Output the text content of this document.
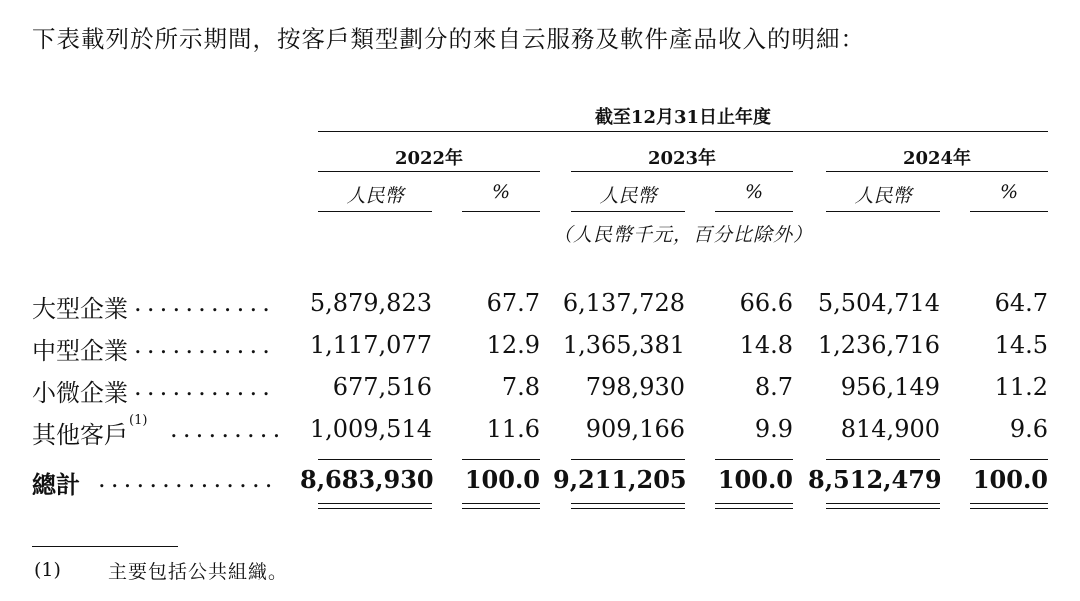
下表載列於所示期間，按客戶類型劃分的來自云服務及軟件產品收入的明細：
截至12月31日止年度
2022年	2023年	2024年
人民幣	%	人民幣	%	人民幣	%
（人民幣千元，百分比除外）
大型企業 ...........	5,879,823	67.7 6,137,728	66.6	5,504,714	64.7
中型企業 ...........	1,117,077	12.9 1,365,381	14.8	1,236,716	14.5
小微企業 ...........	677,516	7.8	798,930	8.7	956,149	11.2
其他客戶$^{(1)}$ .........	1,009,514	11.6	909,166	9.9	814,900	9.6
總計 .............. 8,683,930 100.0 9,211,205 100.0 8,512,479 100.0
(1) 主要包括公共組織。
